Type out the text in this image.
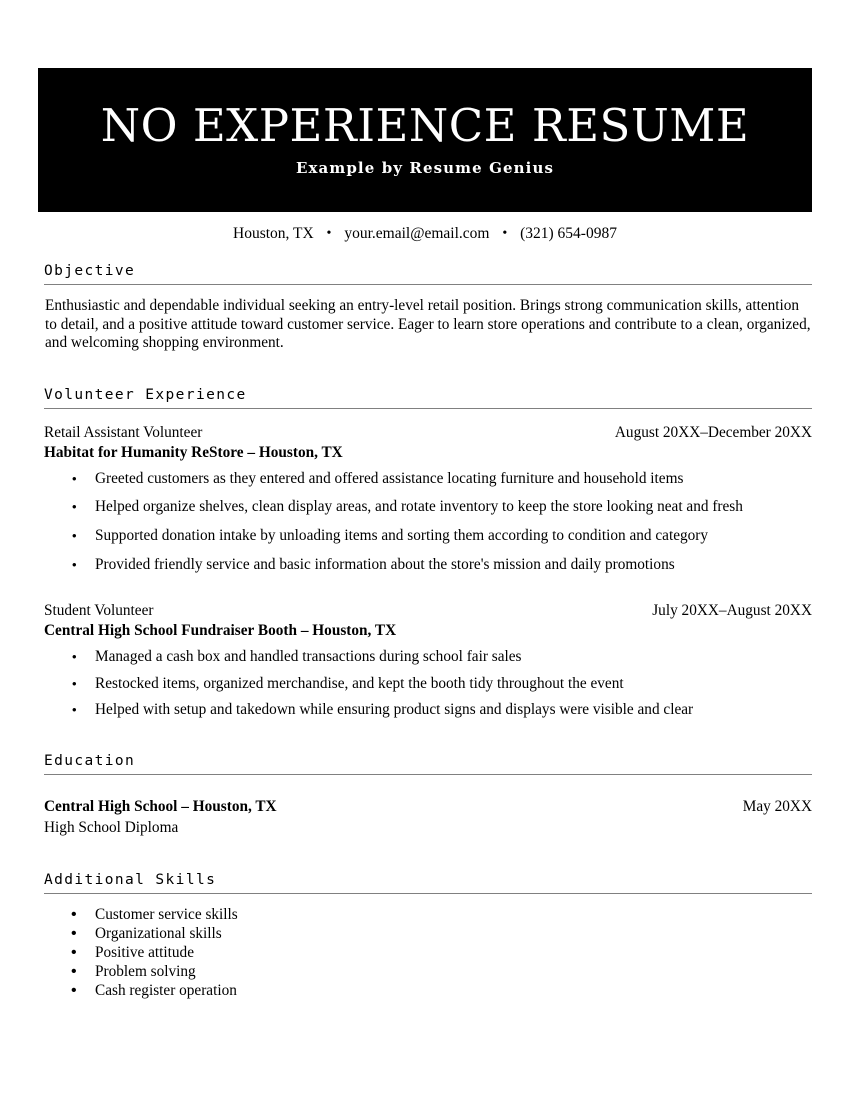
NO EXPERIENCE RESUME
Example by Resume Genius
Houston, TX • your.email@email.com • (321) 654-0987
Objective
Enthusiastic and dependable individual seeking an entry-level retail position. Brings strong communication skills, attention to detail, and a positive attitude toward customer service. Eager to learn store operations and contribute to a clean, organized, and welcoming shopping environment.
Volunteer Experience
Retail Assistant Volunteer	August 20XX–December 20XX
Habitat for Humanity ReStore – Houston, TX
• Greeted customers as they entered and offered assistance locating furniture and household items
• Helped organize shelves, clean display areas, and rotate inventory to keep the store looking neat and fresh
• Supported donation intake by unloading items and sorting them according to condition and category
• Provided friendly service and basic information about the store's mission and daily promotions
Student Volunteer	July 20XX–August 20XX
Central High School Fundraiser Booth – Houston, TX
• Managed a cash box and handled transactions during school fair sales
• Restocked items, organized merchandise, and kept the booth tidy throughout the event
• Helped with setup and takedown while ensuring product signs and displays were visible and clear
Education
Central High School – Houston, TX	May 20XX
High School Diploma
Additional Skills
• Customer service skills
• Organizational skills
• Positive attitude
• Problem solving
• Cash register operation
